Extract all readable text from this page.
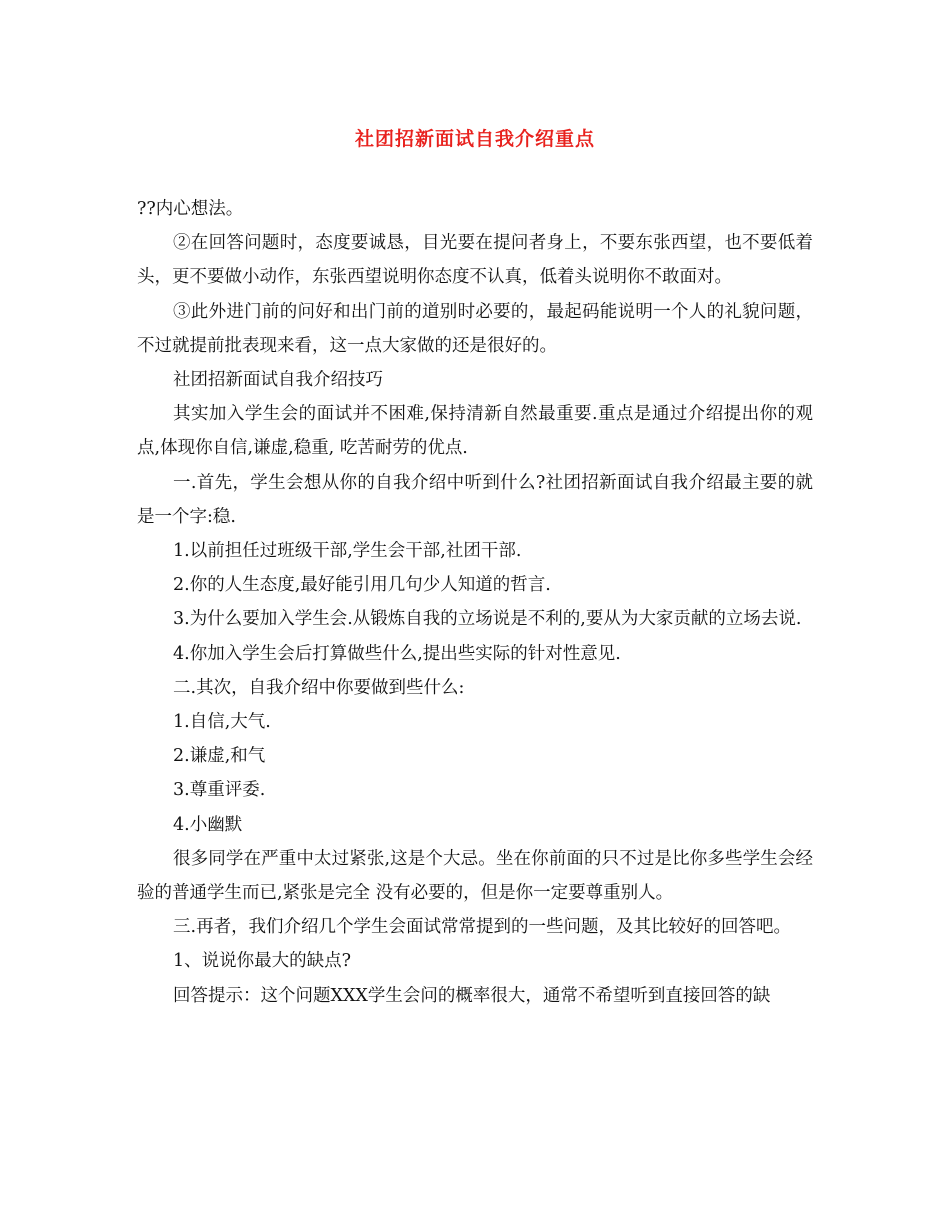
社团招新面试自我介绍重点

??内心想法。

②在回答问题时，态度要诚恳，目光要在提问者身上，不要东张西望，也不要低着头，更不要做小动作，东张西望说明你态度不认真，低着头说明你不敢面对。

③此外进门前的问好和出门前的道别时必要的，最起码能说明一个人的礼貌问题，不过就提前批表现来看，这一点大家做的还是很好的。

社团招新面试自我介绍技巧

其实加入学生会的面试并不困难,保持清新自然最重要.重点是通过介绍提出你的观点,体现你自信,谦虚,稳重, 吃苦耐劳的优点.

一.首先，学生会想从你的自我介绍中听到什么?社团招新面试自我介绍最主要的就是一个字:稳.

1.以前担任过班级干部,学生会干部,社团干部.

2.你的人生态度,最好能引用几句少人知道的哲言.

3.为什么要加入学生会.从锻炼自我的立场说是不利的,要从为大家贡献的立场去说.

4.你加入学生会后打算做些什么,提出些实际的针对性意见.

二.其次，自我介绍中你要做到些什么:

1.自信,大气.

2.谦虚,和气

3.尊重评委.

4.小幽默

很多同学在严重中太过紧张,这是个大忌。坐在你前面的只不过是比你多些学生会经验的普通学生而已,紧张是完全 没有必要的，但是你一定要尊重别人。

三.再者，我们介绍几个学生会面试常常提到的一些问题，及其比较好的回答吧。

1、说说你最大的缺点?

回答提示：这个问题XXX学生会问的概率很大，通常不希望听到直接回答的缺
